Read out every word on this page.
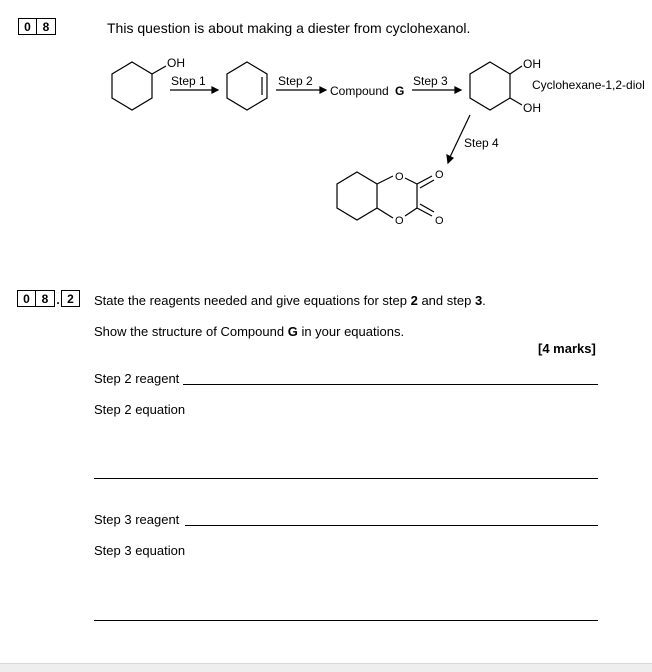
0 8	This question is about making a diester from cyclohexanol.
OH
Step 1	Step 2
Compound G
Step 3
OH
OH
Cyclohexane-1,2-diol
Step 4
O	O
O	O
0 8 . 2	State the reagents needed and give equations for step 2 and step 3.
Show the structure of Compound G in your equations.
[4 marks]
Step 2 reagent
Step 2 equation
Step 3 reagent
Step 3 equation
